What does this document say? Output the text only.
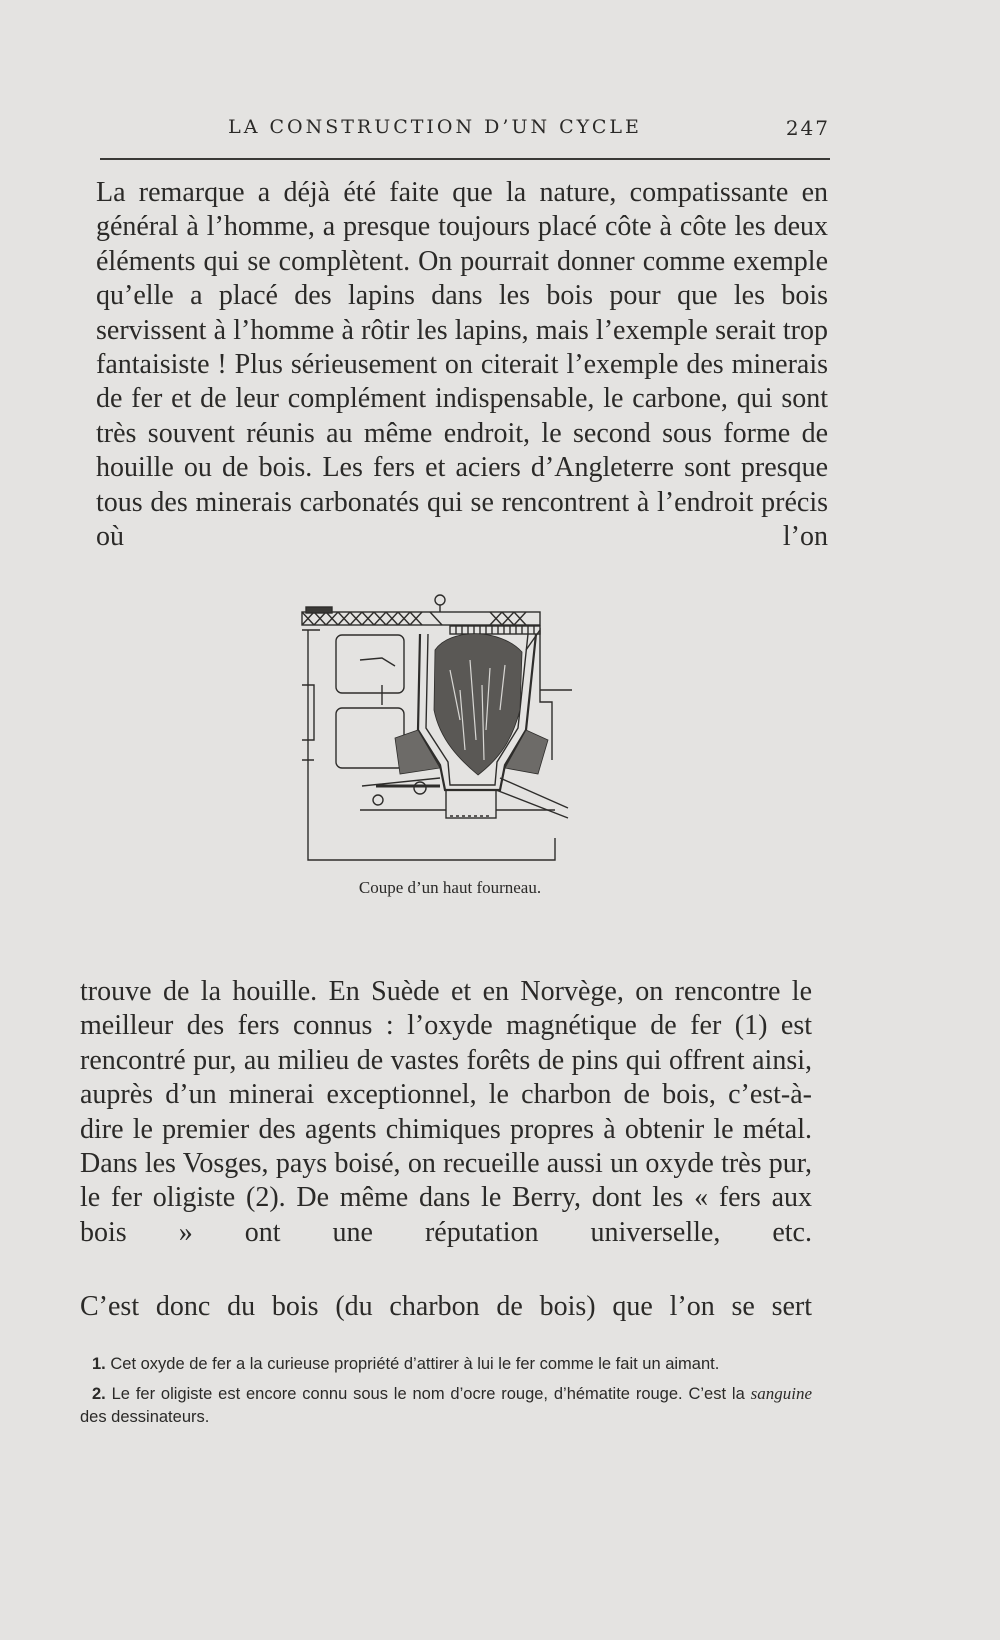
LA CONSTRUCTION D’UN CYCLE	247

La remarque a déjà été faite que la nature, compatissante en général à l’homme, a presque toujours placé côte à côte les deux éléments qui se complètent. On pourrait donner comme exemple qu’elle a placé des lapins dans les bois pour que les bois servissent à l’homme à rôtir les lapins, mais l’exemple serait trop fantaisiste ! Plus sérieusement on citerait l’exemple des minerais de fer et de leur complément indispensable, le carbone, qui sont très souvent réunis au même endroit, le second sous forme de houille ou de bois. Les fers et aciers d’Angleterre sont presque tous des minerais carbonatés qui se rencontrent à l’endroit précis où l’on

Coupe d’un haut fourneau.

trouve de la houille. En Suède et en Norvège, on rencontre le meilleur des fers connus : l’oxyde magnétique de fer (1) est rencontré pur, au milieu de vastes forêts de pins qui offrent ainsi, auprès d’un minerai exceptionnel, le charbon de bois, c’est-à-dire le premier des agents chimiques propres à obtenir le métal. Dans les Vosges, pays boisé, on recueille aussi un oxyde très pur, le fer oligiste (2). De même dans le Berry, dont les « fers aux bois » ont une réputation universelle, etc.

C’est donc du bois (du charbon de bois) que l’on se sert

1. Cet oxyde de fer a la curieuse propriété d’attirer à lui le fer comme le fait un aimant.

2. Le fer oligiste est encore connu sous le nom d’ocre rouge, d’hématite rouge. C’est la sanguine des dessinateurs.
